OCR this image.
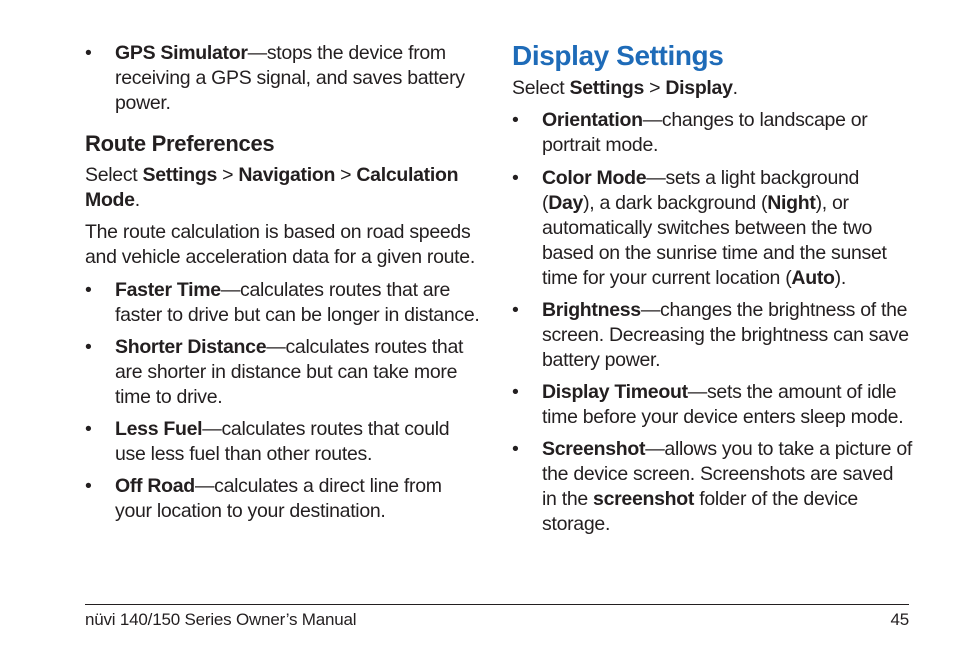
• GPS Simulator—stops the device from receiving a GPS signal, and saves battery power.
Route Preferences
Select Settings > Navigation > Calculation Mode.
The route calculation is based on road speeds and vehicle acceleration data for a given route.
• Faster Time—calculates routes that are faster to drive but can be longer in distance.
• Shorter Distance—calculates routes that are shorter in distance but can take more time to drive.
• Less Fuel—calculates routes that could use less fuel than other routes.
• Off Road—calculates a direct line from your location to your destination.
Display Settings
Select Settings > Display.
• Orientation—changes to landscape or portrait mode.
• Color Mode—sets a light background (Day), a dark background (Night), or automatically switches between the two based on the sunrise time and the sunset time for your current location (Auto).
• Brightness—changes the brightness of the screen. Decreasing the brightness can save battery power.
• Display Timeout—sets the amount of idle time before your device enters sleep mode.
• Screenshot—allows you to take a picture of the device screen. Screenshots are saved in the screenshot folder of the device storage.
nüvi 140/150 Series Owner’s Manual	45
